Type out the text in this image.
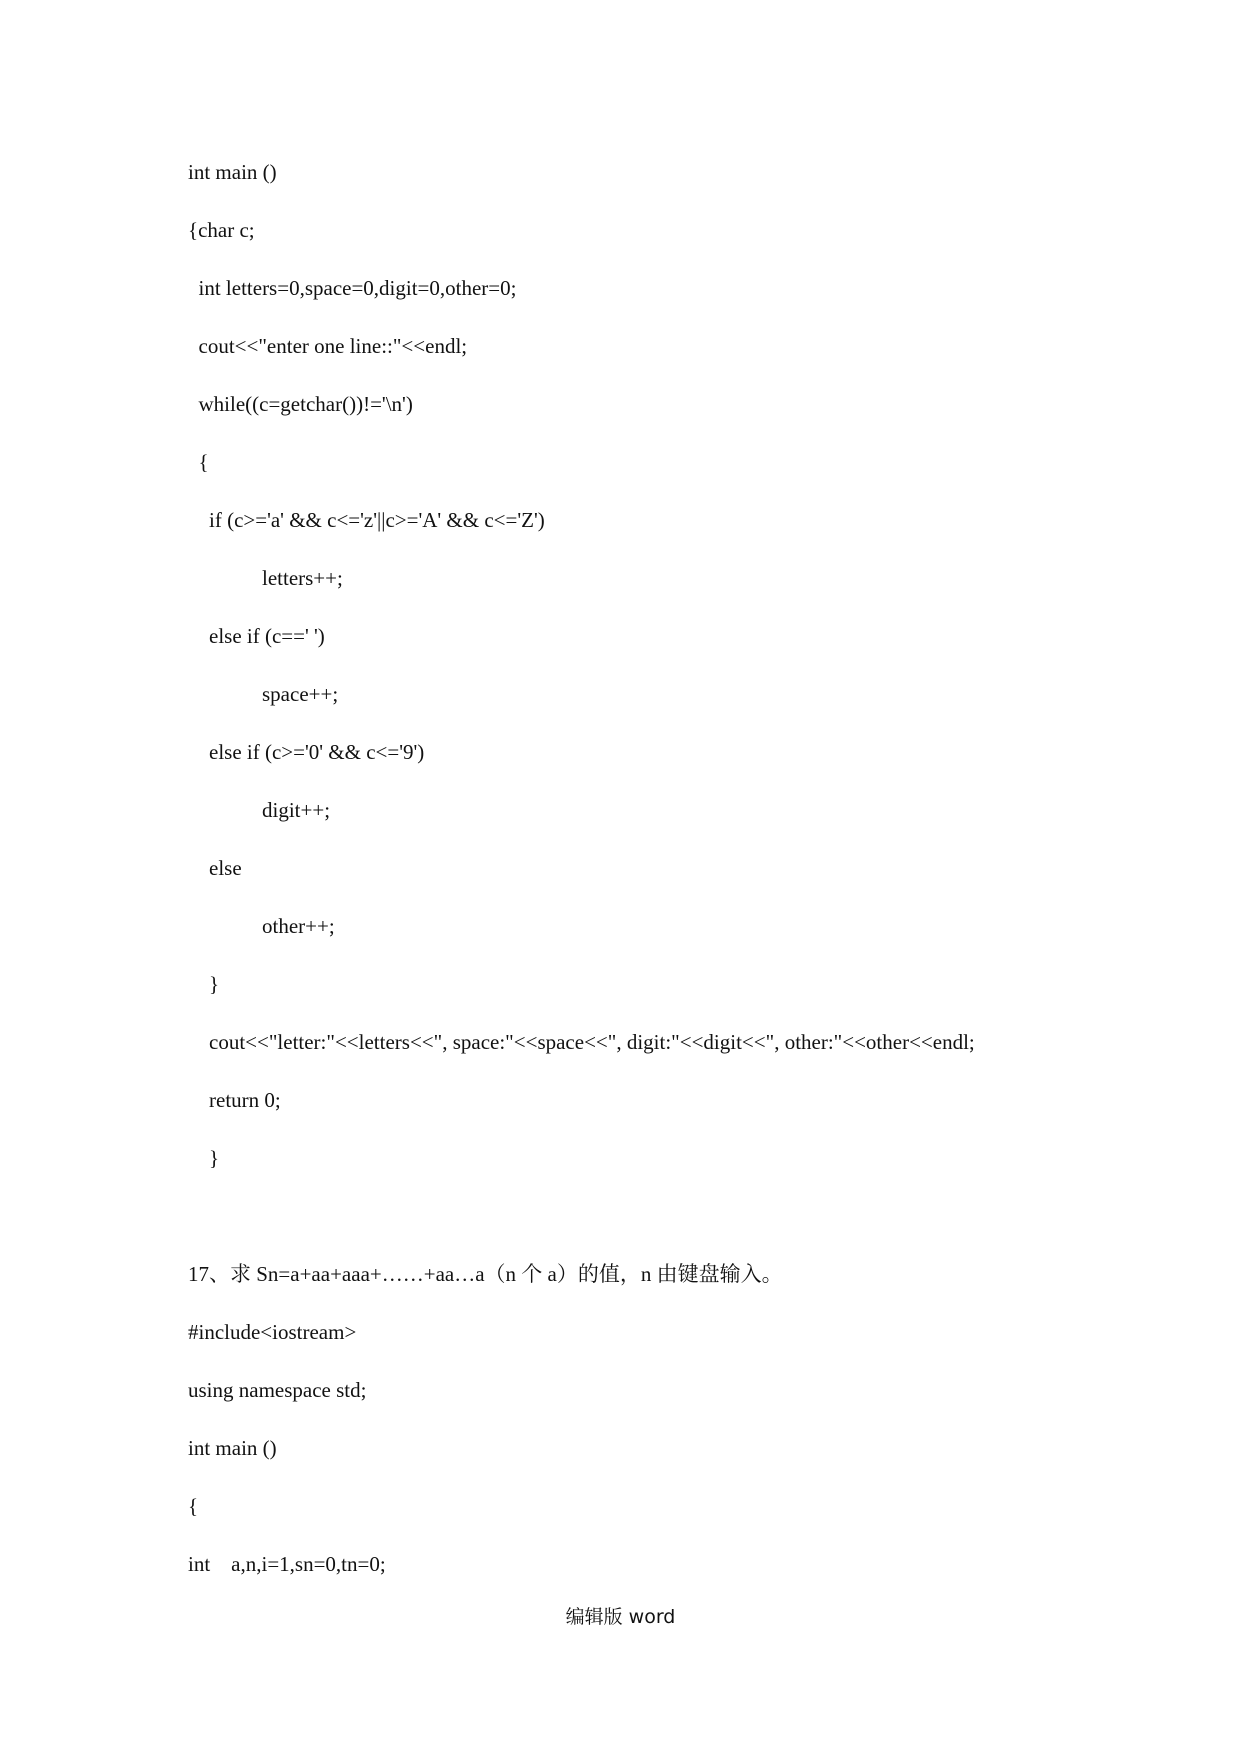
int main ()
{char c;
int letters=0,space=0,digit=0,other=0;
cout<<"enter one line::"<<endl;
while((c=getchar())!='\n')
{
if (c>='a' && c<='z'||c>='A' && c<='Z')
letters++;
else if (c==' ')
space++;
else if (c>='0' && c<='9')
digit++;
else
other++;
}
cout<<"letter:"<<letters<<", space:"<<space<<", digit:"<<digit<<", other:"<<other<<endl;
return 0;
}
17、求 Sn=a+aa+aaa+……+aa…a（n 个 a）的值，n 由键盘输入。
#include<iostream>
using namespace std;
int main ()
{
int    a,n,i=1,sn=0,tn=0;
编辑版 word
